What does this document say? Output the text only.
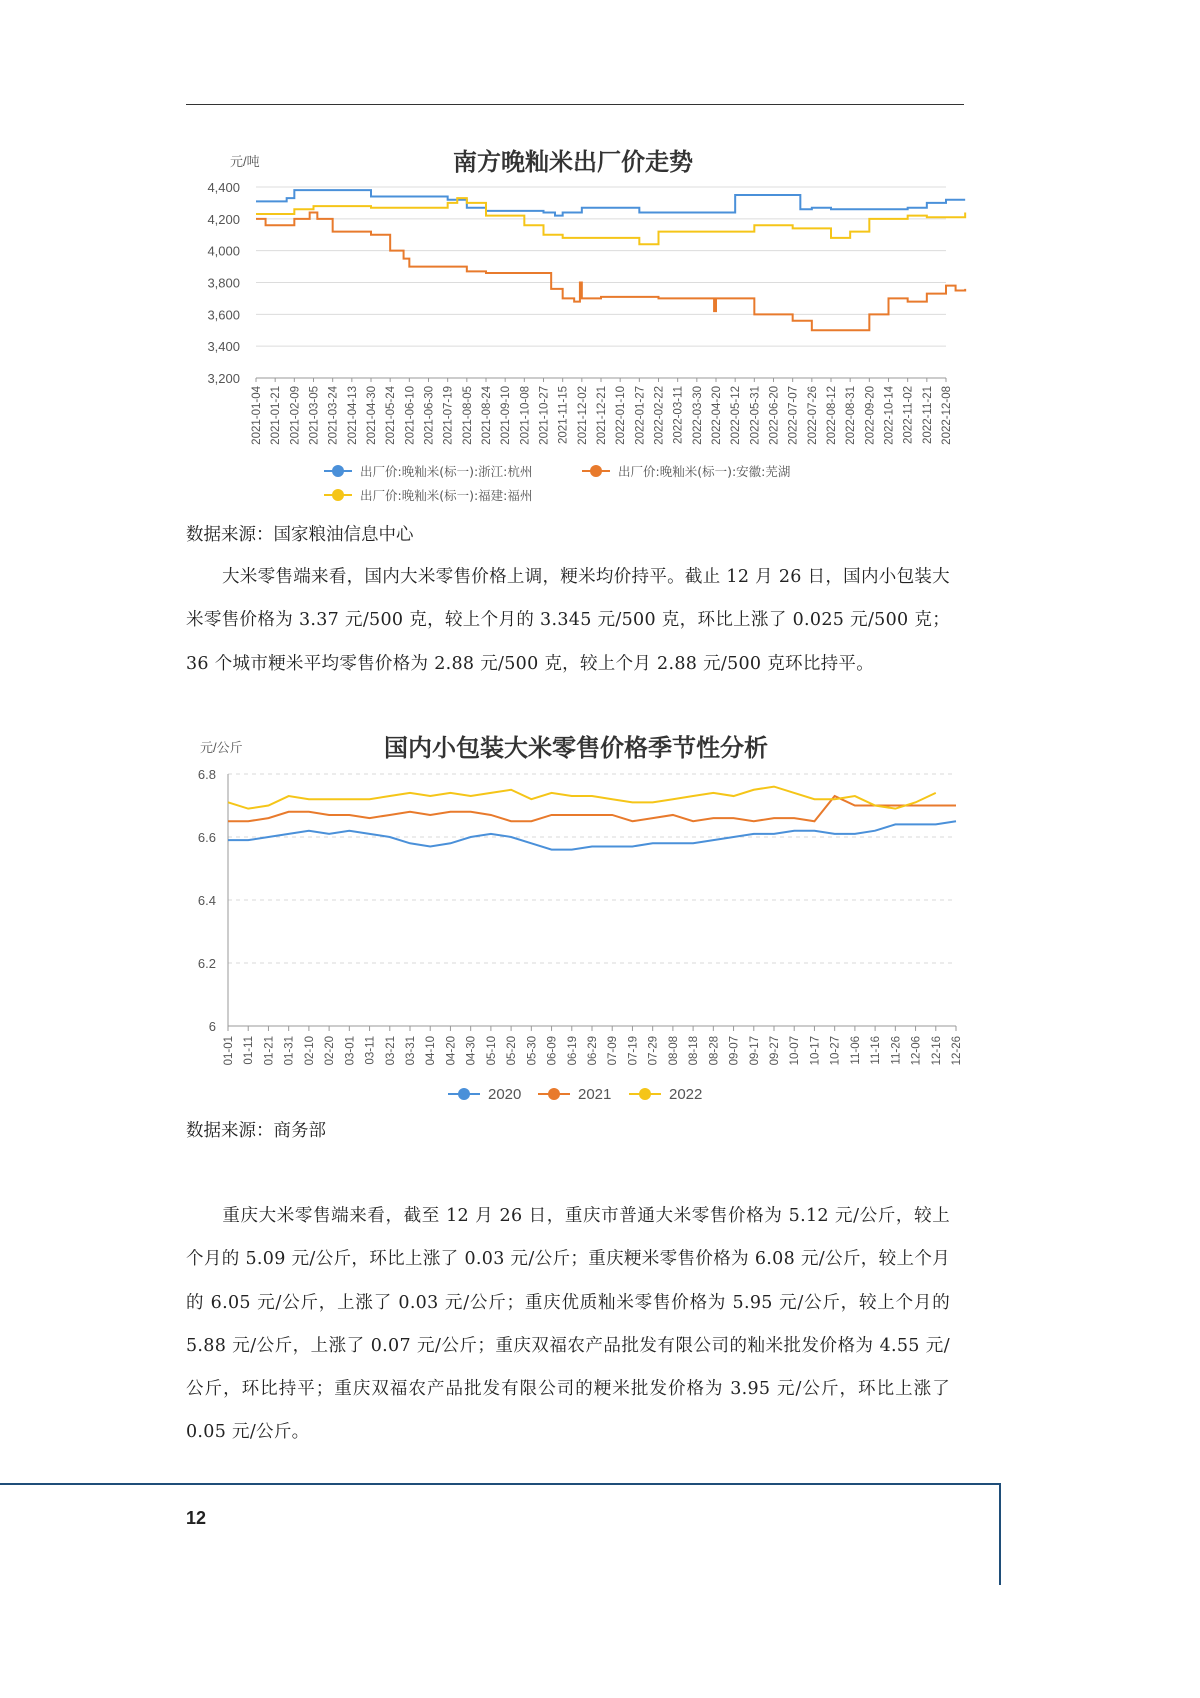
南方晚籼米出厂价走势
元/吨
3,200
3,400
3,600
3,800
4,000
4,200
4,400
2021-01-04 2021-01-21 2021-02-09 2021-03-05 2021-03-24 2021-04-13 2021-04-30 2021-05-24 2021-06-10 2021-06-30 2021-07-19 2021-08-05 2021-08-24 2021-09-10 2021-10-08 2021-10-27 2021-11-15 2021-12-02 2021-12-21 2022-01-10 2022-01-27 2022-02-22 2022-03-11 2022-03-30 2022-04-20 2022-05-12 2022-05-31 2022-06-20 2022-07-07 2022-07-26 2022-08-12 2022-08-31 2022-09-20 2022-10-14 2022-11-02 2022-11-21 2022-12-08
出厂价:晚籼米(标一):浙江:杭州	出厂价:晚籼米(标一):安徽:芜湖
出厂价:晚籼米(标一):福建:福州

数据来源：国家粮油信息中心

大米零售端来看，国内大米零售价格上调，粳米均价持平。截止 12 月 26 日，国内小包装大米零售价格为 3.37 元/500 克，较上个月的 3.345 元/500 克，环比上涨了 0.025 元/500 克；36 个城市粳米平均零售价格为 2.88 元/500 克，较上个月 2.88 元/500 克环比持平。

国内小包装大米零售价格季节性分析
元/公斤
6
6.2
6.4
6.6
6.8
01-01 01-11 01-21 01-31 02-10 02-20 03-01 03-11 03-21 03-31 04-10 04-20 04-30 05-10 05-20 05-30 06-09 06-19 06-29 07-09 07-19 07-29 08-08 08-18 08-28 09-07 09-17 09-27 10-07 10-17 10-27 11-06 11-16 11-26 12-06 12-16 12-26
2020	2021	2022

数据来源：商务部

重庆大米零售端来看，截至 12 月 26 日，重庆市普通大米零售价格为 5.12 元/公斤，较上个月的 5.09 元/公斤，环比上涨了 0.03 元/公斤；重庆粳米零售价格为 6.08 元/公斤，较上个月的 6.05 元/公斤，上涨了 0.03 元/公斤；重庆优质籼米零售价格为 5.95 元/公斤，较上个月的 5.88 元/公斤，上涨了 0.07 元/公斤；重庆双福农产品批发有限公司的籼米批发价格为 4.55 元/公斤，环比持平；重庆双福农产品批发有限公司的粳米批发价格为 3.95 元/公斤，环比上涨了 0.05 元/公斤。

12
